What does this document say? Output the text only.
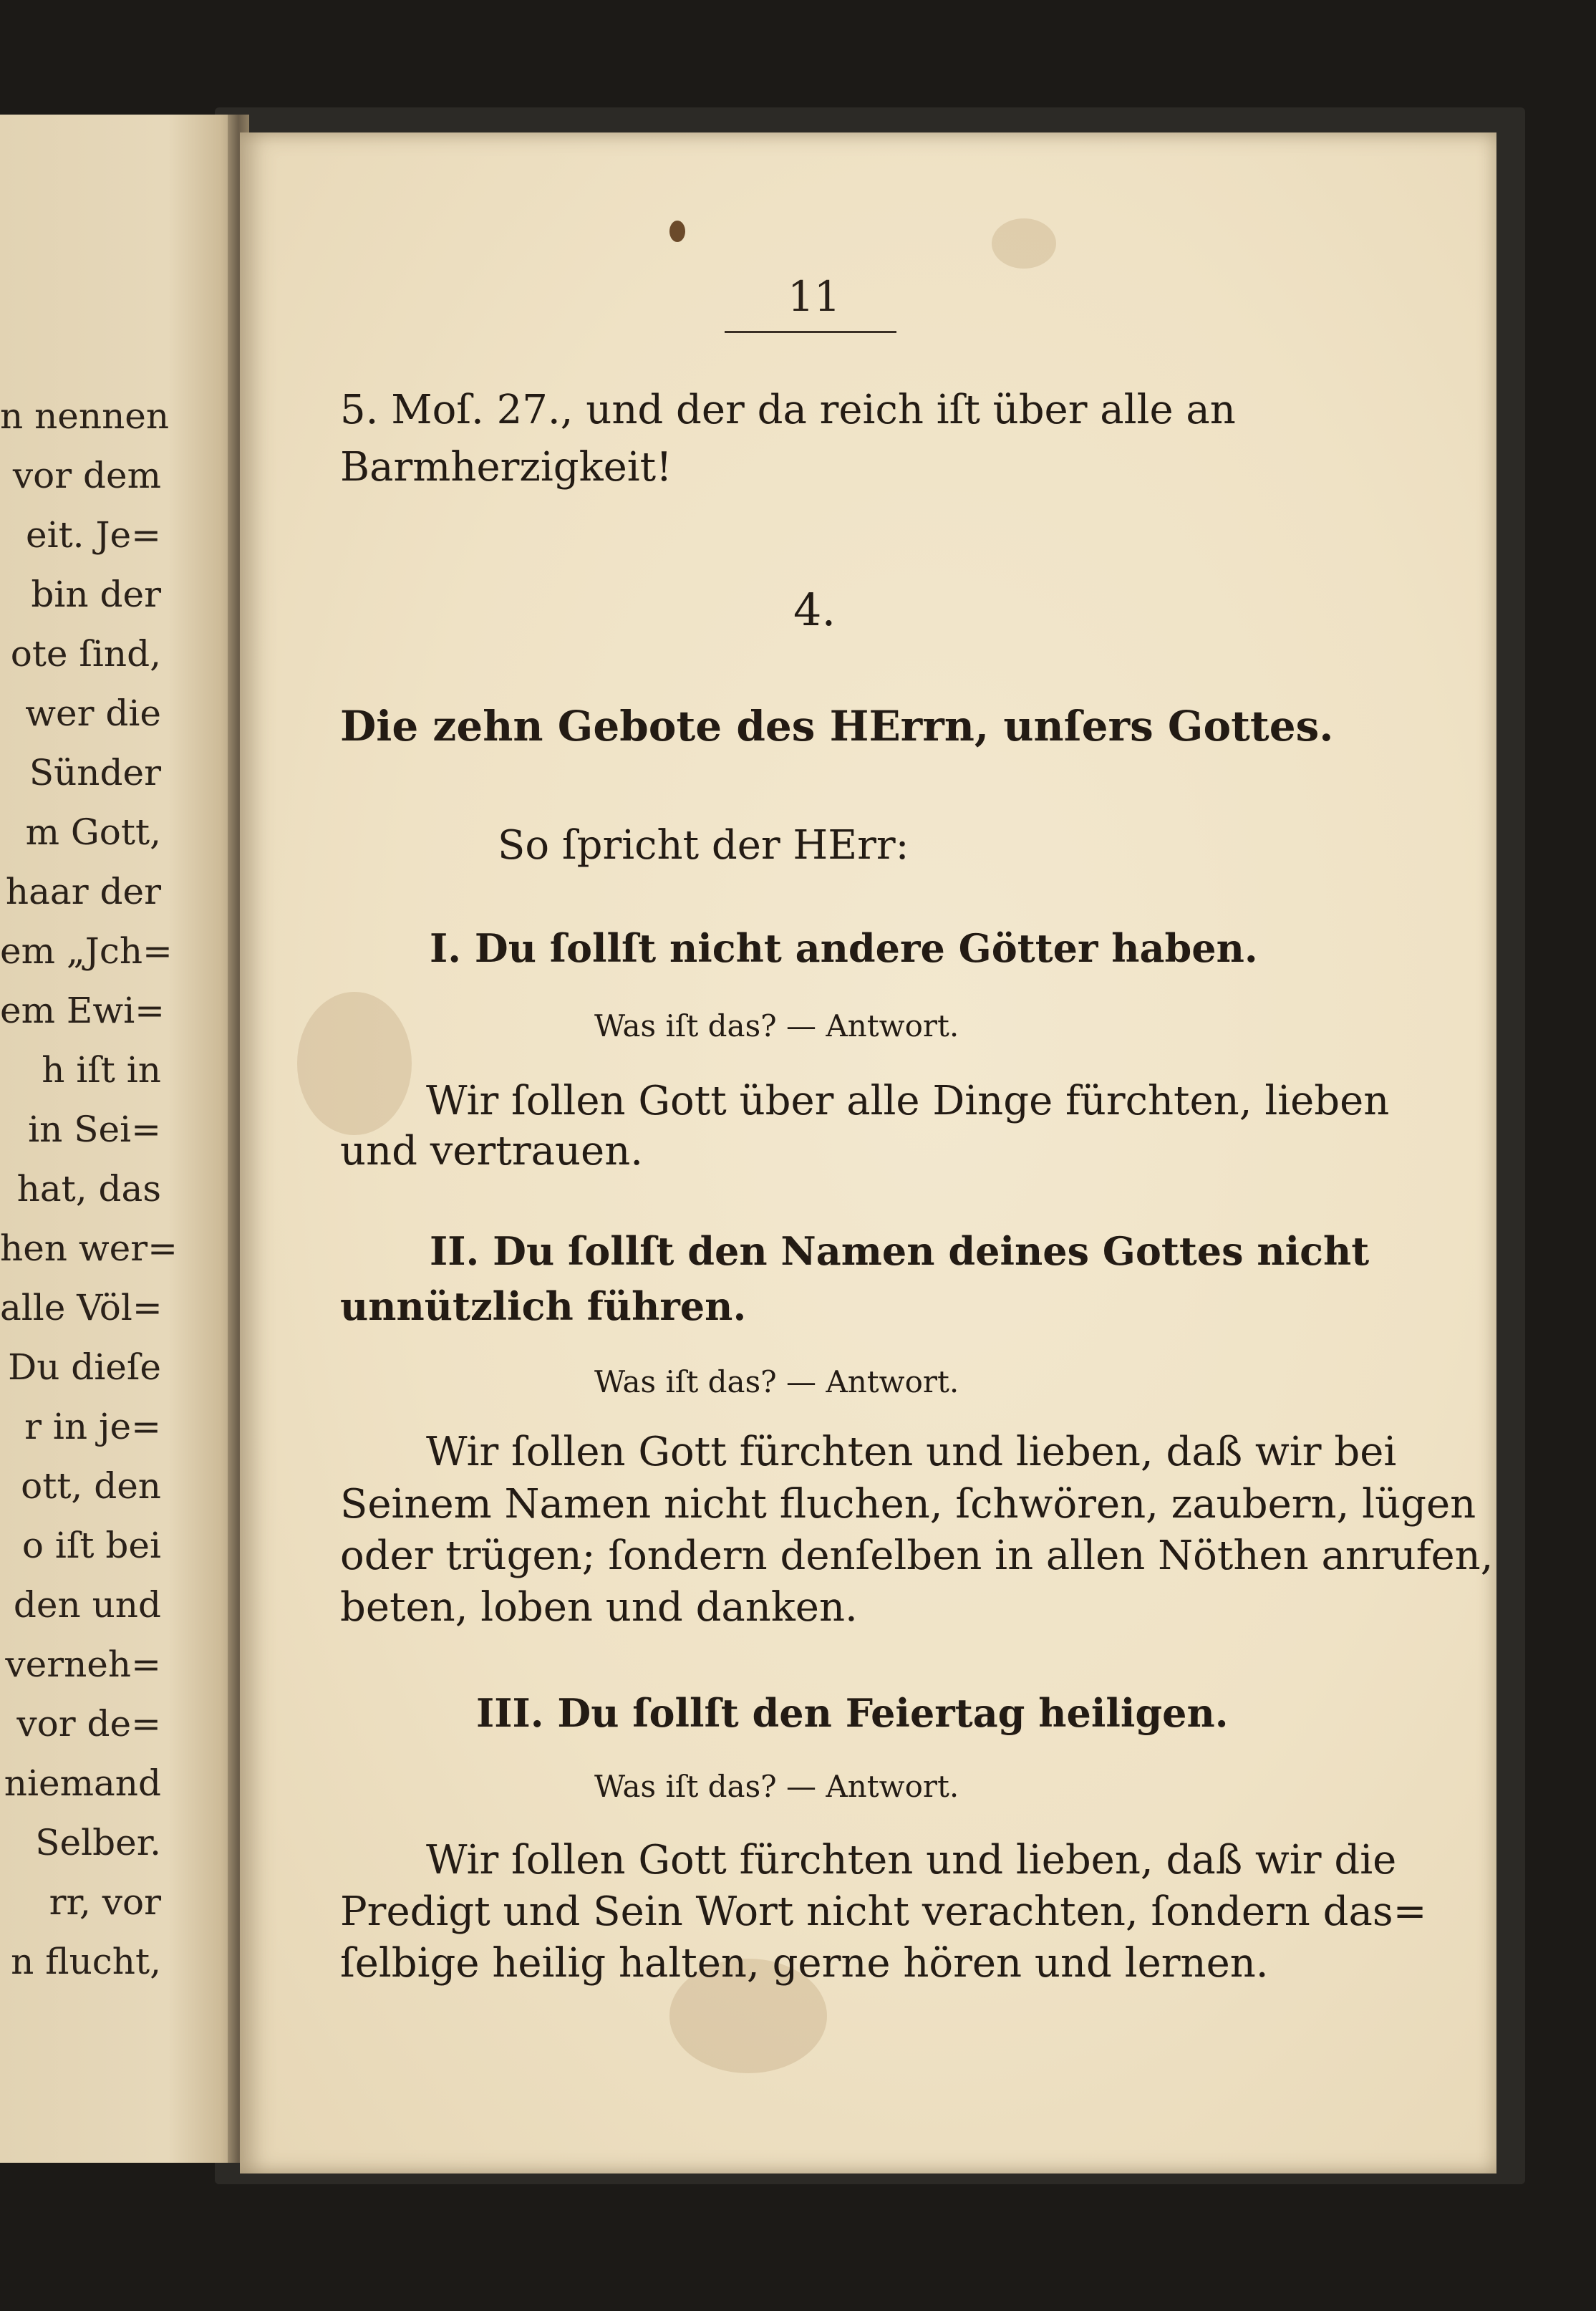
n nennen
vor dem
eit. Je=
bin der
ote ſind,
wer die
Sünder
m Gott,
haar der
em „Jch=
em Ewi=
h iſt in
in Sei=
hat, das
hen wer=
alle Völ=
Du dieſe
r in je=
ott, den
o iſt bei
den und
verneh=
vor de=
niemand
Selber.
rr, vor
n flucht,
11
5. Moſ. 27., und der da reich iſt über alle an
Barmherzigkeit!
4.
Die zehn Gebote des HErrn, unſers Gottes.
So ſpricht der HErr:
I. Du ſollſt nicht andere Götter haben.
Was iſt das? — Antwort.
Wir ſollen Gott über alle Dinge fürchten, lieben
und vertrauen.
II. Du ſollſt den Namen deines Gottes nicht
unnützlich führen.
Was iſt das? — Antwort.
Wir ſollen Gott fürchten und lieben, daß wir bei
Seinem Namen nicht fluchen, ſchwören, zaubern, lügen
oder trügen; ſondern denſelben in allen Nöthen anrufen,
beten, loben und danken.
III. Du ſollſt den Feiertag heiligen.
Was iſt das? — Antwort.
Wir ſollen Gott fürchten und lieben, daß wir die
Predigt und Sein Wort nicht verachten, ſondern das=
ſelbige heilig halten, gerne hören und lernen.
